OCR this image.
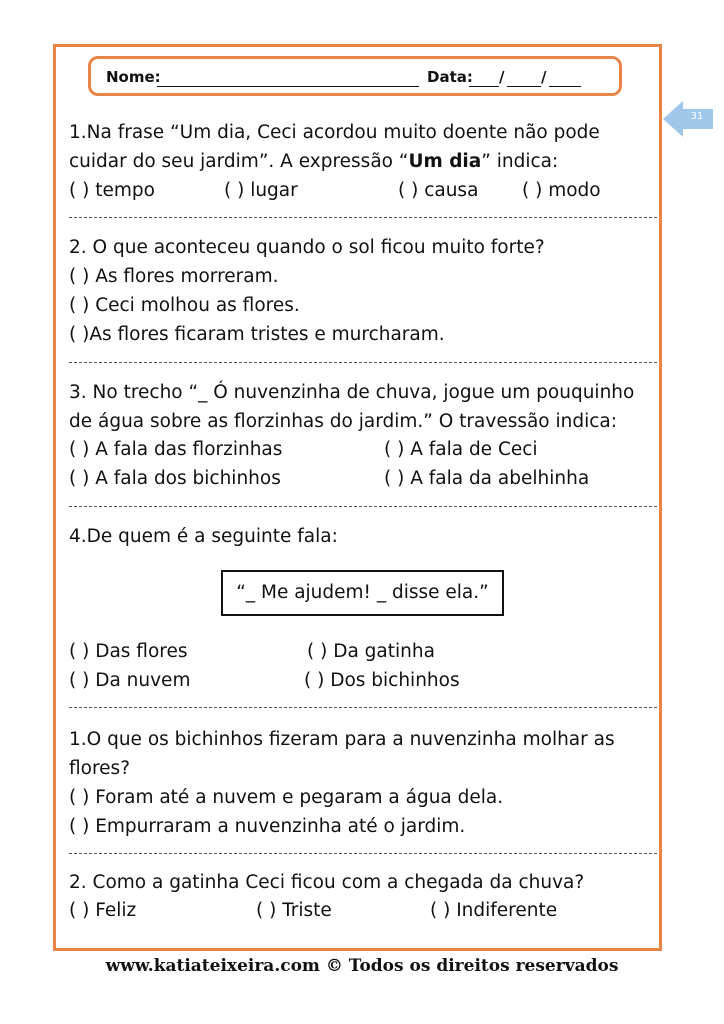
Nome:	Data: / /
31
1.Na frase “Um dia, Ceci acordou muito doente não pode
cuidar do seu jardim”. A expressão “Um dia” indica:
( ) tempo	( ) lugar	( ) causa ( ) modo
2. O que aconteceu quando o sol ficou muito forte?
( ) As flores morreram.
( ) Ceci molhou as flores.
( )As flores ficaram tristes e murcharam.
3. No trecho “_ Ó nuvenzinha de chuva, jogue um pouquinho
de água sobre as florzinhas do jardim.” O travessão indica:
( ) A fala das florzinhas	( ) A fala de Ceci
( ) A fala dos bichinhos	( ) A fala da abelhinha
4.De quem é a seguinte fala:
“_ Me ajudem! _ disse ela.”
( ) Das flores	( ) Da gatinha
( ) Da nuvem	( ) Dos bichinhos
1.O que os bichinhos fizeram para a nuvenzinha molhar as
flores?
( ) Foram até a nuvem e pegaram a água dela.
( ) Empurraram a nuvenzinha até o jardim.
2. Como a gatinha Ceci ficou com a chegada da chuva?
( ) Feliz	( ) Triste	( ) Indiferente
www.katiateixeira.com © Todos os direitos reservados
